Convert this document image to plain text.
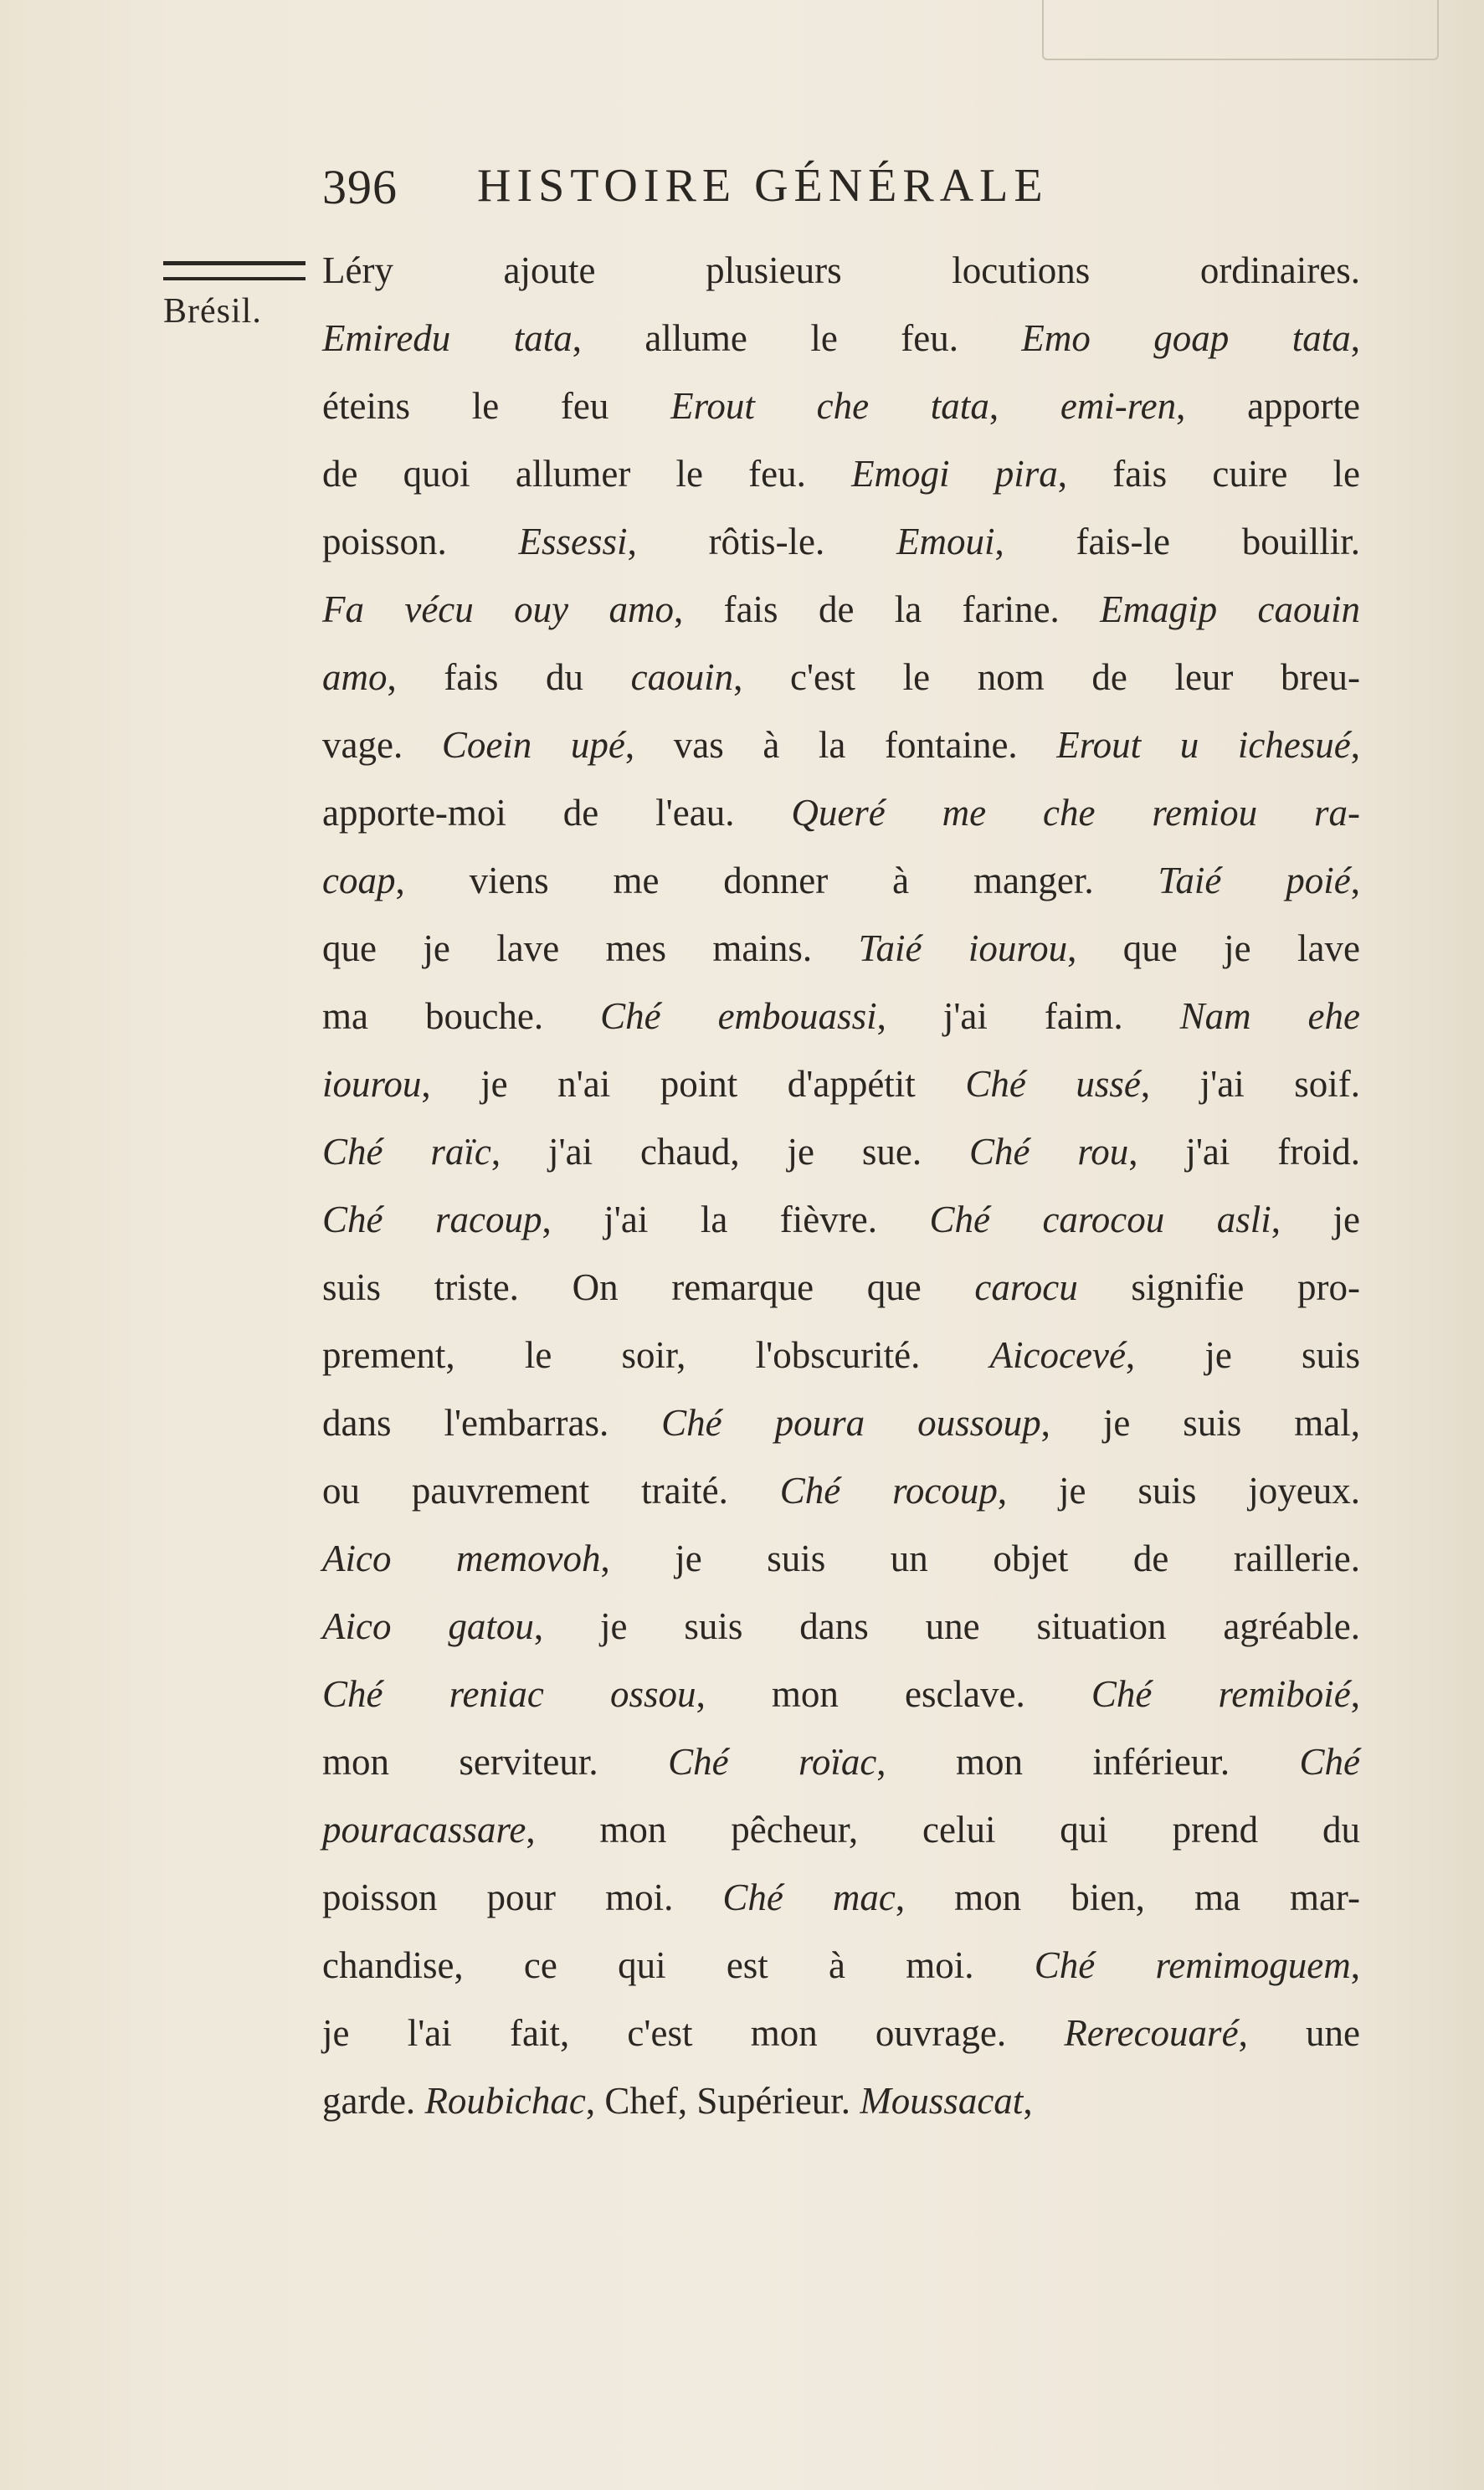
396 HISTOIRE GÉNÉRALE
Brésil.
Léry ajoute plusieurs locutions ordinaires.
Emiredu tata, allume le feu. Emo goap tata,
éteins le feu Erout che tata, emi-ren, apporte
de quoi allumer le feu. Emogi pira, fais cuire le
poisson. Essessi, rôtis-le. Emoui, fais-le bouillir.
Fa vécu ouy amo, fais de la farine. Emagip caouin
amo, fais du caouin, c'est le nom de leur breu-
vage. Coein upé, vas à la fontaine. Erout u ichesué,
apporte-moi de l'eau. Queré me che remiou ra-
coap, viens me donner à manger. Taié poié,
que je lave mes mains. Taié iourou, que je lave
ma bouche. Ché embouassi, j'ai faim. Nam ehe
iourou, je n'ai point d'appétit Ché ussé, j'ai soif.
Ché raïc, j'ai chaud, je sue. Ché rou, j'ai froid.
Ché racoup, j'ai la fièvre. Ché carocou asli, je
suis triste. On remarque que carocu signifie pro-
prement, le soir, l'obscurité. Aicocevé, je suis
dans l'embarras. Ché poura oussoup, je suis mal,
ou pauvrement traité. Ché rocoup, je suis joyeux.
Aico memovoh, je suis un objet de raillerie.
Aico gatou, je suis dans une situation agréable.
Ché reniac ossou, mon esclave. Ché remiboié,
mon serviteur. Ché roïac, mon inférieur. Ché
pouracassare, mon pêcheur, celui qui prend du
poisson pour moi. Ché mac, mon bien, ma mar-
chandise, ce qui est à moi. Ché remimoguem,
je l'ai fait, c'est mon ouvrage. Rerecouaré, une
garde. Roubichac, Chef, Supérieur. Moussacat,
